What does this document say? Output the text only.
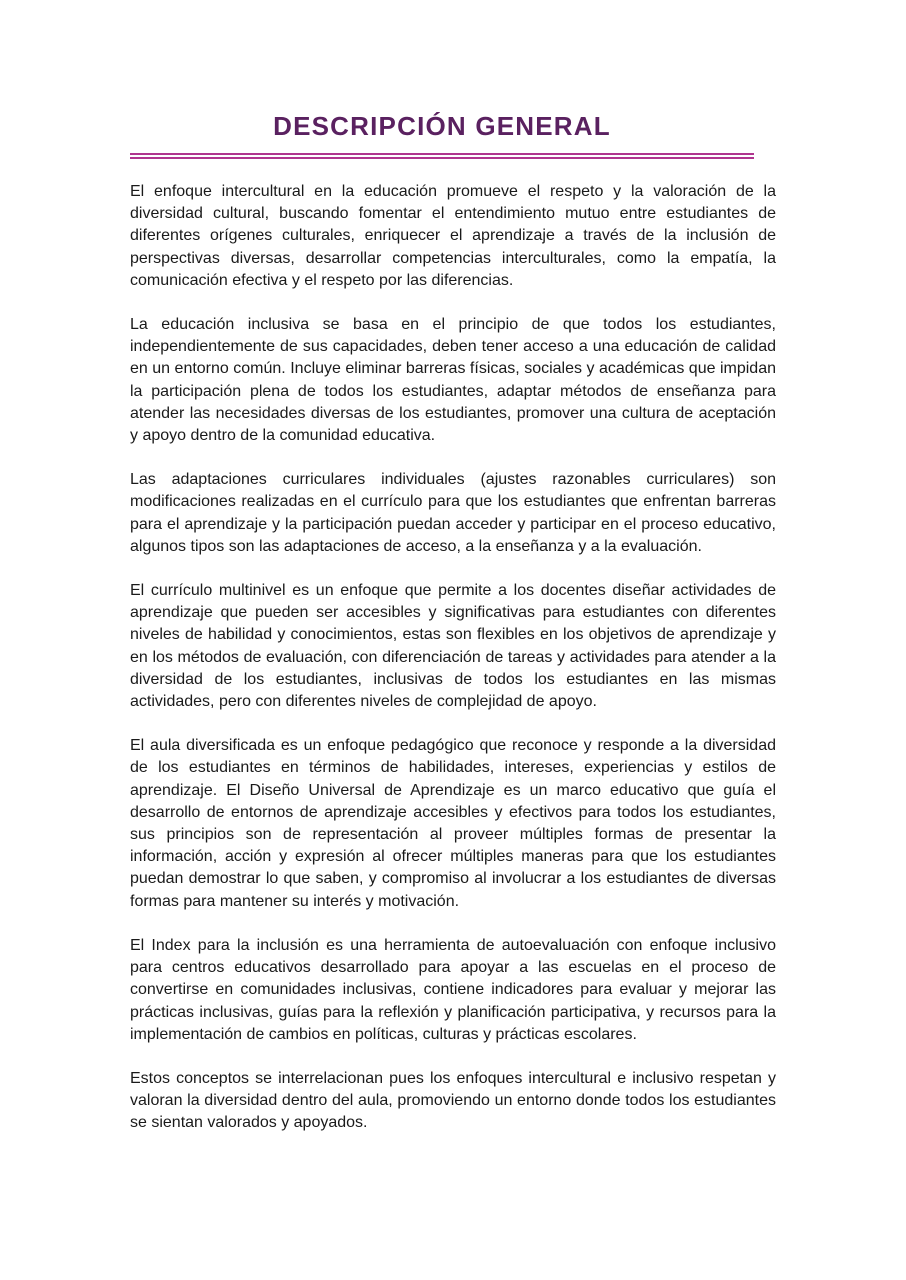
DESCRIPCIÓN GENERAL

El enfoque intercultural en la educación promueve el respeto y la valoración de la diversidad cultural, buscando fomentar el entendimiento mutuo entre estudiantes de diferentes orígenes culturales, enriquecer el aprendizaje a través de la inclusión de perspectivas diversas, desarrollar competencias interculturales, como la empatía, la comunicación efectiva y el respeto por las diferencias.

La educación inclusiva se basa en el principio de que todos los estudiantes, independientemente de sus capacidades, deben tener acceso a una educación de calidad en un entorno común. Incluye eliminar barreras físicas, sociales y académicas que impidan la participación plena de todos los estudiantes, adaptar métodos de enseñanza para atender las necesidades diversas de los estudiantes, promover una cultura de aceptación y apoyo dentro de la comunidad educativa.

Las adaptaciones curriculares individuales (ajustes razonables curriculares) son modificaciones realizadas en el currículo para que los estudiantes que enfrentan barreras para el aprendizaje y la participación puedan acceder y participar en el proceso educativo, algunos tipos son las adaptaciones de acceso, a la enseñanza y a la evaluación.

El currículo multinivel es un enfoque que permite a los docentes diseñar actividades de aprendizaje que pueden ser accesibles y significativas para estudiantes con diferentes niveles de habilidad y conocimientos, estas son flexibles en los objetivos de aprendizaje y en los métodos de evaluación, con diferenciación de tareas y actividades para atender a la diversidad de los estudiantes, inclusivas de todos los estudiantes en las mismas actividades, pero con diferentes niveles de complejidad de apoyo.

El aula diversificada es un enfoque pedagógico que reconoce y responde a la diversidad de los estudiantes en términos de habilidades, intereses, experiencias y estilos de aprendizaje. El Diseño Universal de Aprendizaje es un marco educativo que guía el desarrollo de entornos de aprendizaje accesibles y efectivos para todos los estudiantes, sus principios son de representación al proveer múltiples formas de presentar la información, acción y expresión al ofrecer múltiples maneras para que los estudiantes puedan demostrar lo que saben, y compromiso al involucrar a los estudiantes de diversas formas para mantener su interés y motivación.

El Index para la inclusión es una herramienta de autoevaluación con enfoque inclusivo para centros educativos desarrollado para apoyar a las escuelas en el proceso de convertirse en comunidades inclusivas, contiene indicadores para evaluar y mejorar las prácticas inclusivas, guías para la reflexión y planificación participativa, y recursos para la implementación de cambios en políticas, culturas y prácticas escolares.

Estos conceptos se interrelacionan pues los enfoques intercultural e inclusivo respetan y valoran la diversidad dentro del aula, promoviendo un entorno donde todos los estudiantes se sientan valorados y apoyados.
